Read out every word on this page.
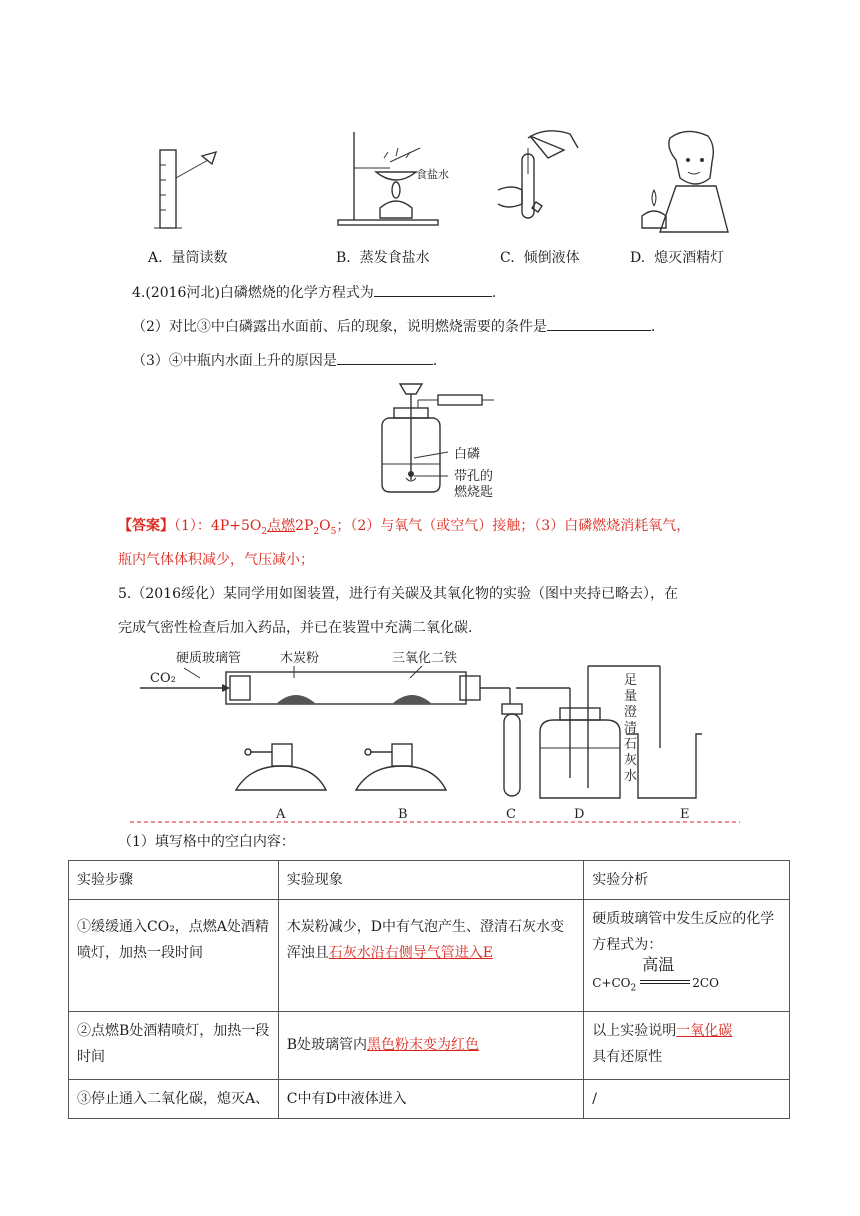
食盐水
A. 量筒读数	B. 蒸发食盐水	C. 倾倒液体	D. 熄灭酒精灯
4.(2016河北)白磷燃烧的化学方程式为	.
（2）对比③中白磷露出水面前、后的现象，说明燃烧需要的条件是	.
（3）④中瓶内水面上升的原因是	.
白磷
带孔的
燃烧匙
【答案】（1）：$4P+5O_2$点燃$2P_2O_5$；（2）与氧气（或空气）接触；（3）白磷燃烧消耗氧气，
瓶内气体体积减少，气压减小；
5.（2016绥化）某同学用如图装置，进行有关碳及其氧化物的实验（图中夹持已略去），在
完成气密性检查后加入药品，并已在装置中充满二氧化碳.
硬质玻璃管	木炭粉	三氧化二铁
CO₂	足
量
澄
清
石
灰
水
A	B	C	D	E
（1）填写格中的空白内容：
实验步骤	实验现象	实验分析
①缓缓通入CO₂，点燃A处酒精喷灯，加热一段时间	木炭粉减少，D中有气泡产生、澄清石灰水变浑浊且石灰水沿右侧导气管进入E	硬质玻璃管中发生反应的化学方程式为：
高温
$C+CO_2$ 2CO

②点燃B处酒精喷灯，加热一段时间	B处玻璃管内黑色粉末变为红色	以上实验说明一氧化碳
具有还原性
③停止通入二氧化碳，熄灭A、	C中有D中液体进入	/
